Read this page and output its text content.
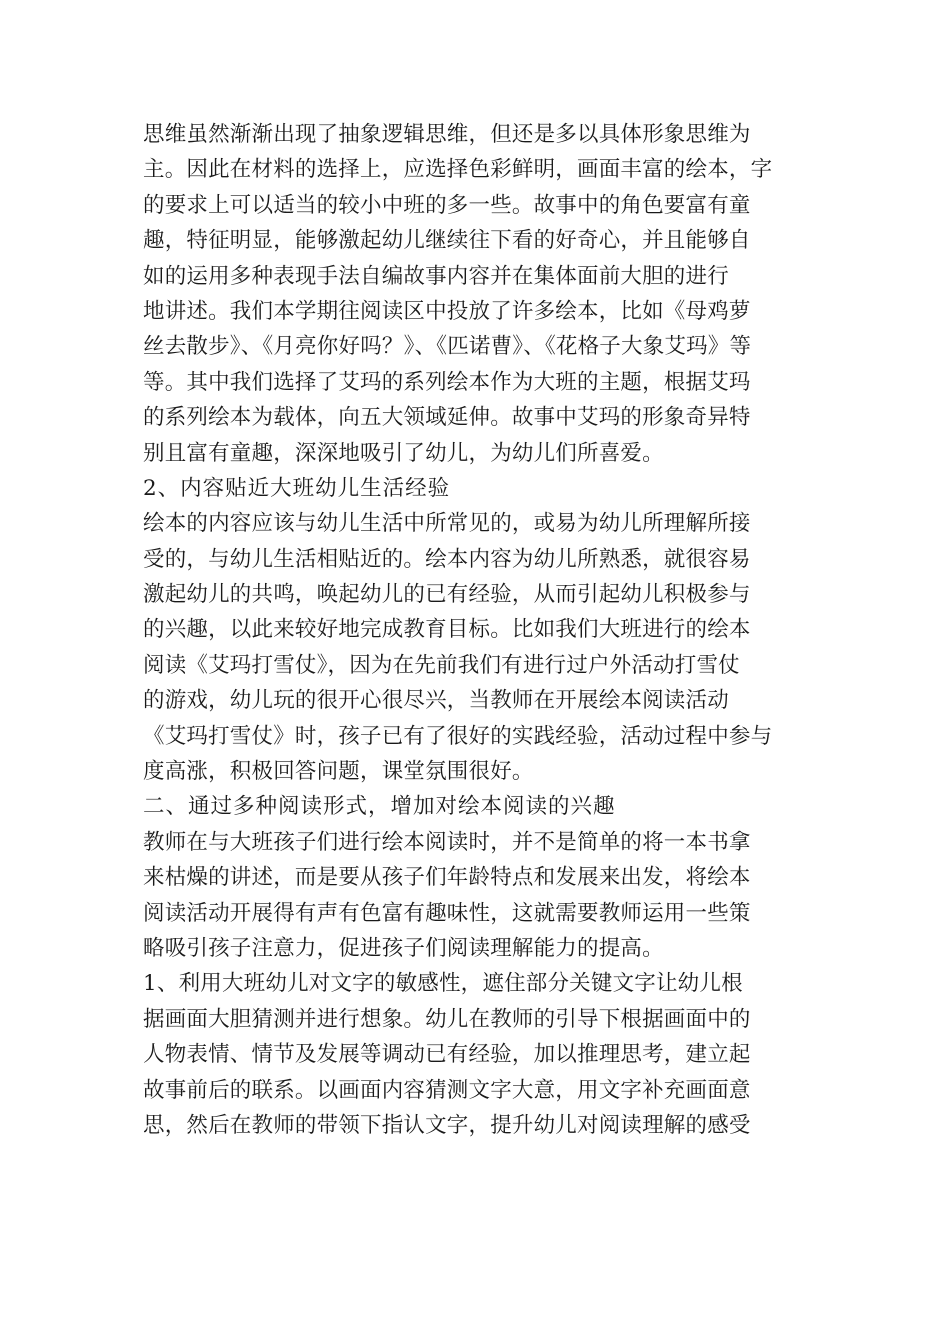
思维虽然渐渐出现了抽象逻辑思维，但还是多以具体形象思维为
主。因此在材料的选择上，应选择色彩鲜明，画面丰富的绘本，字
的要求上可以适当的较小中班的多一些。故事中的角色要富有童
趣，特征明显，能够激起幼儿继续往下看的好奇心，并且能够自
如的运用多种表现手法自编故事内容并在集体面前大胆的进行
地讲述。我们本学期往阅读区中投放了许多绘本，比如《母鸡萝
丝去散步》、《月亮你好吗？》、《匹诺曹》、《花格子大象艾玛》等
等。其中我们选择了艾玛的系列绘本作为大班的主题，根据艾玛
的系列绘本为载体，向五大领域延伸。故事中艾玛的形象奇异特
别且富有童趣，深深地吸引了幼儿，为幼儿们所喜爱。
2、内容贴近大班幼儿生活经验
绘本的内容应该与幼儿生活中所常见的，或易为幼儿所理解所接
受的，与幼儿生活相贴近的。绘本内容为幼儿所熟悉，就很容易
激起幼儿的共鸣，唤起幼儿的已有经验，从而引起幼儿积极参与
的兴趣，以此来较好地完成教育目标。比如我们大班进行的绘本
阅读《艾玛打雪仗》，因为在先前我们有进行过户外活动打雪仗
的游戏，幼儿玩的很开心很尽兴，当教师在开展绘本阅读活动
《艾玛打雪仗》时，孩子已有了很好的实践经验，活动过程中参与
度高涨，积极回答问题，课堂氛围很好。
二、通过多种阅读形式，增加对绘本阅读的兴趣
教师在与大班孩子们进行绘本阅读时，并不是简单的将一本书拿
来枯燥的讲述，而是要从孩子们年龄特点和发展来出发，将绘本
阅读活动开展得有声有色富有趣味性，这就需要教师运用一些策
略吸引孩子注意力，促进孩子们阅读理解能力的提高。
1、利用大班幼儿对文字的敏感性，遮住部分关键文字让幼儿根
据画面大胆猜测并进行想象。幼儿在教师的引导下根据画面中的
人物表情、情节及发展等调动已有经验，加以推理思考，建立起
故事前后的联系。以画面内容猜测文字大意，用文字补充画面意
思，然后在教师的带领下指认文字，提升幼儿对阅读理解的感受
